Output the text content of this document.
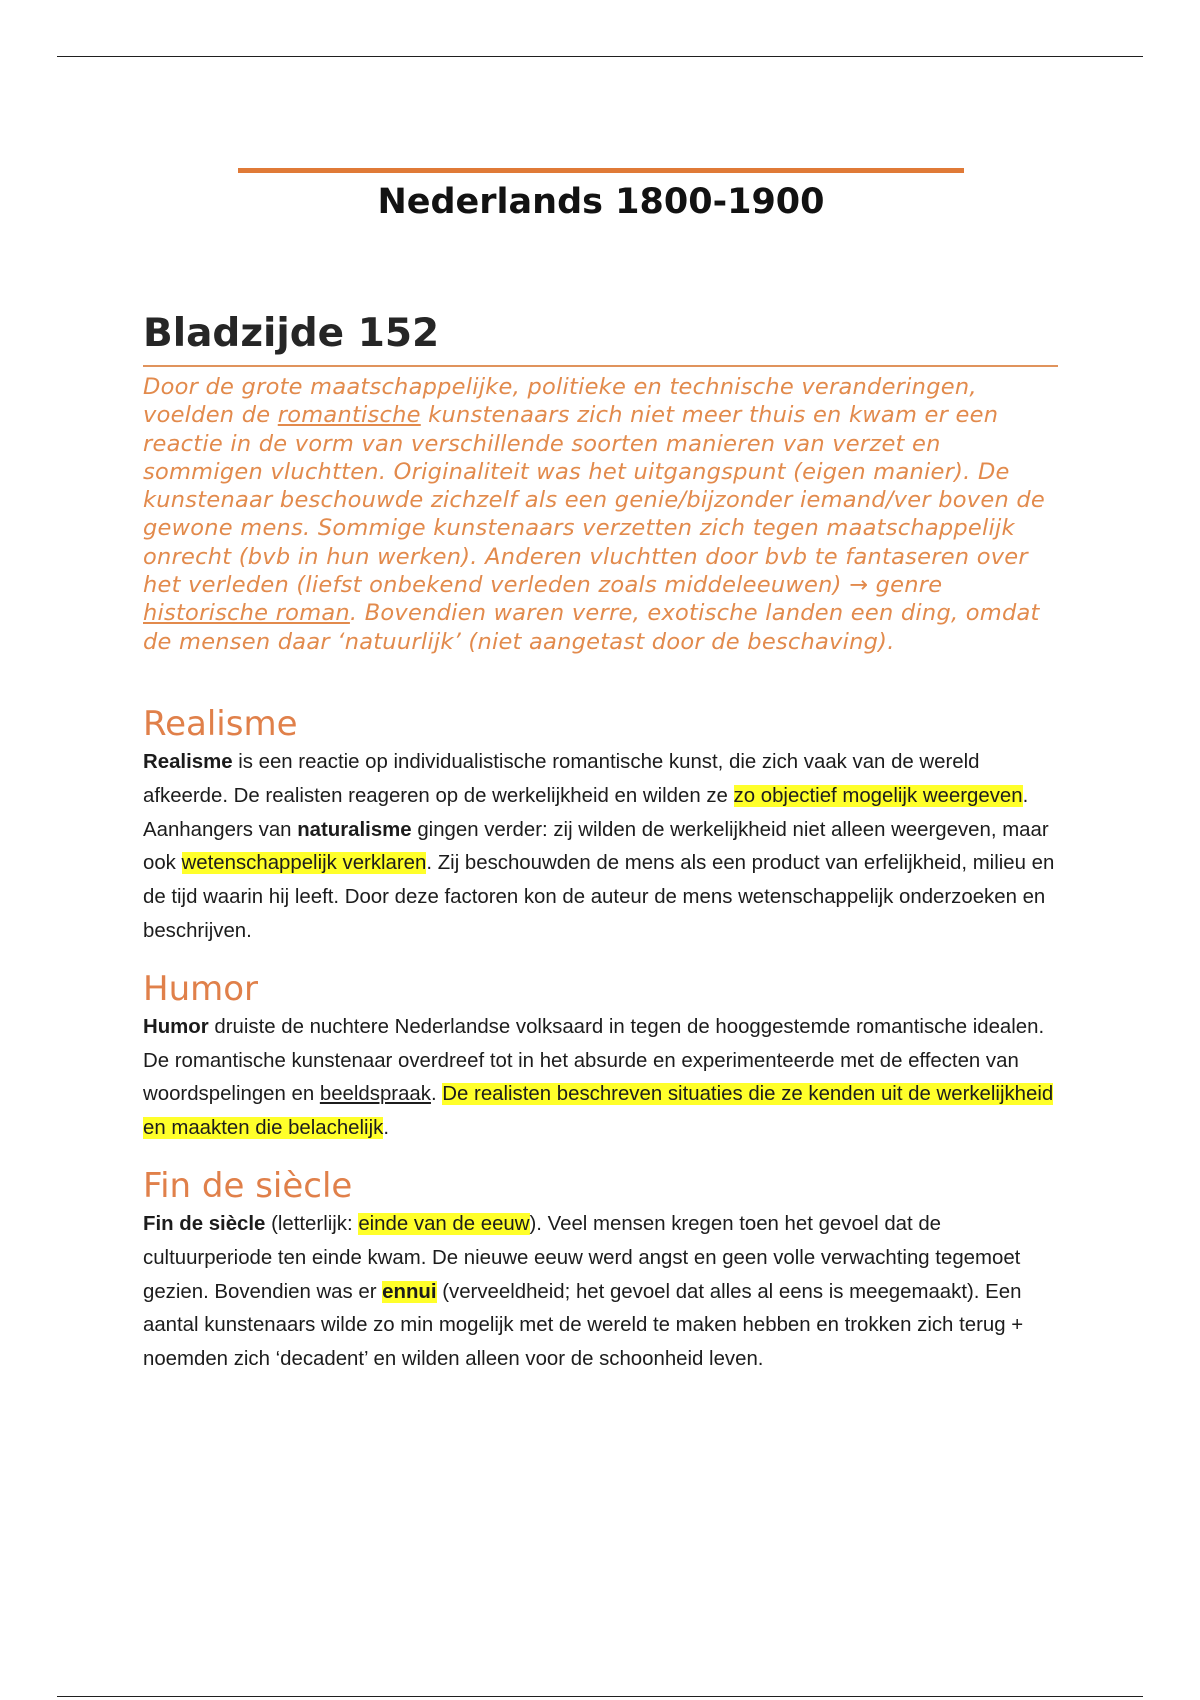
Nederlands 1800-1900
Bladzijde 152

Door de grote maatschappelijke, politieke en technische veranderingen, voelden de romantische kunstenaars zich niet meer thuis en kwam er een reactie in de vorm van verschillende soorten manieren van verzet en sommigen vluchtten. Originaliteit was het uitgangspunt (eigen manier). De kunstenaar beschouwde zichzelf als een genie/bijzonder iemand/ver boven de gewone mens. Sommige kunstenaars verzetten zich tegen maatschappelijk onrecht (bvb in hun werken). Anderen vluchtten door bvb te fantaseren over het verleden (liefst onbekend verleden zoals middeleeuwen) → genre historische roman. Bovendien waren verre, exotische landen een ding, omdat de mensen daar ‘natuurlijk’ (niet aangetast door de beschaving).

Realisme

Realisme is een reactie op individualistische romantische kunst, die zich vaak van de wereld afkeerde. De realisten reageren op de werkelijkheid en wilden ze zo objectief mogelijk weergeven. Aanhangers van naturalisme gingen verder: zij wilden de werkelijkheid niet alleen weergeven, maar ook wetenschappelijk verklaren. Zij beschouwden de mens als een product van erfelijkheid, milieu en de tijd waarin hij leeft. Door deze factoren kon de auteur de mens wetenschappelijk onderzoeken en beschrijven.

Humor

Humor druiste de nuchtere Nederlandse volksaard in tegen de hooggestemde romantische idealen. De romantische kunstenaar overdreef tot in het absurde en experimenteerde met de effecten van woordspelingen en beeldspraak. De realisten beschreven situaties die ze kenden uit de werkelijkheid en maakten die belachelijk.

Fin de siècle

Fin de siècle (letterlijk: einde van de eeuw). Veel mensen kregen toen het gevoel dat de cultuurperiode ten einde kwam. De nieuwe eeuw werd angst en geen volle verwachting tegemoet gezien. Bovendien was er ennui (verveeldheid; het gevoel dat alles al eens is meegemaakt). Een aantal kunstenaars wilde zo min mogelijk met de wereld te maken hebben en trokken zich terug + noemden zich ‘decadent’ en wilden alleen voor de schoonheid leven.
